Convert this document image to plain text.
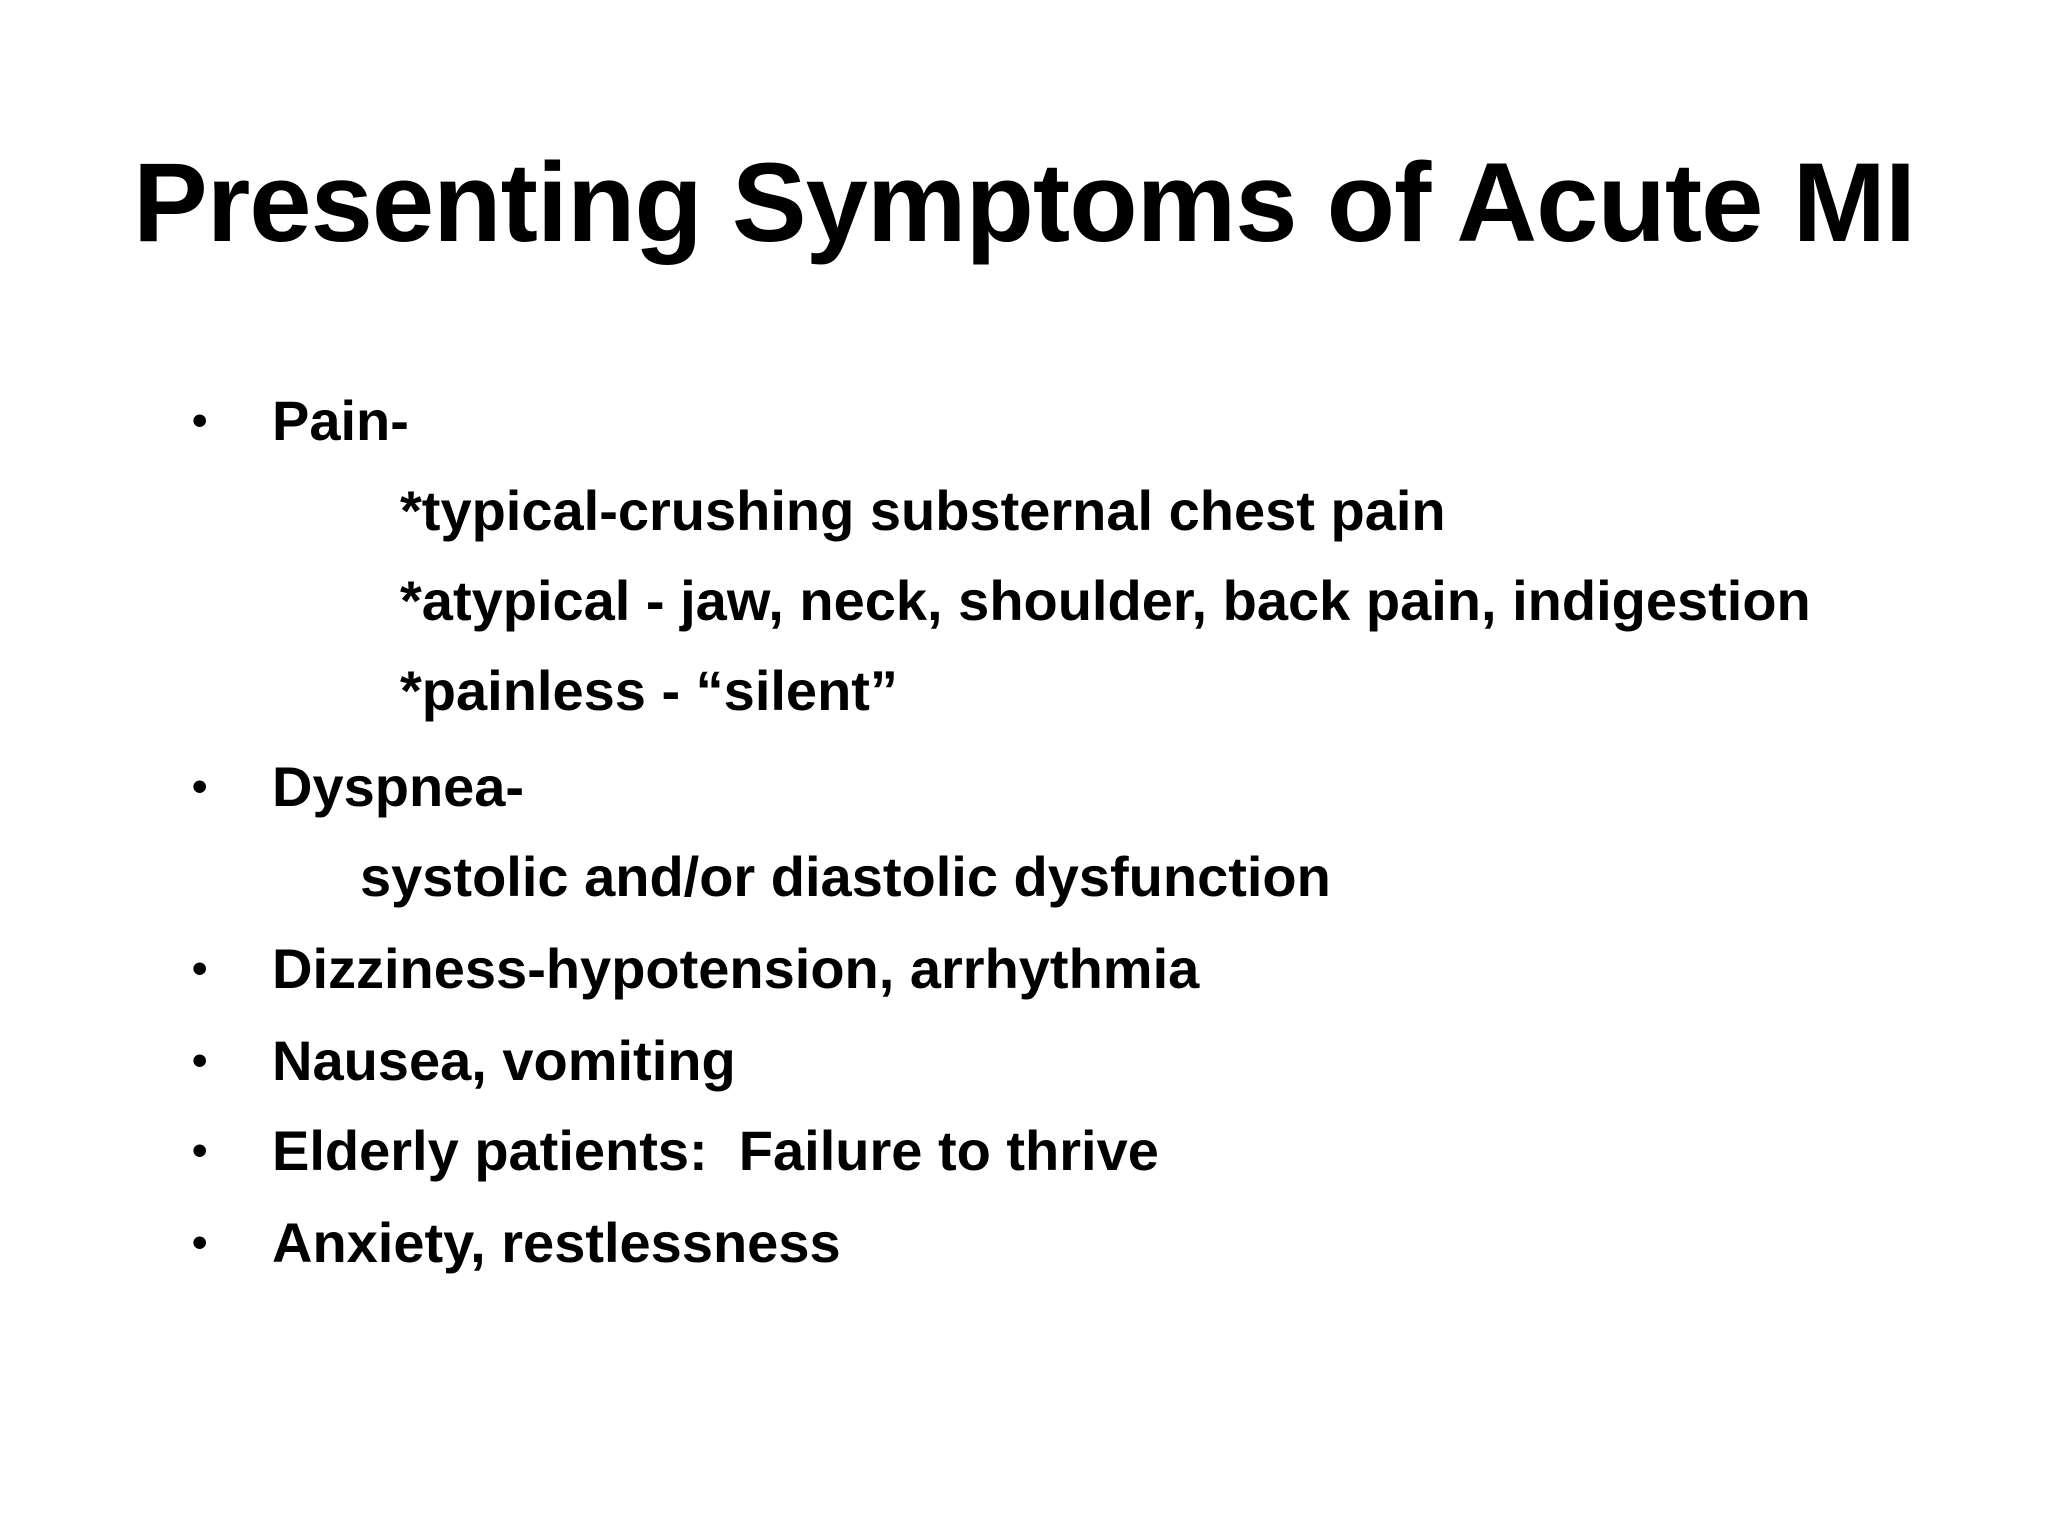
Presenting Symptoms of Acute MI
• Pain-
*typical-crushing substernal chest pain
*atypical - jaw, neck, shoulder, back pain, indigestion
*painless - “silent”
• Dyspnea-
systolic and/or diastolic dysfunction
• Dizziness-hypotension, arrhythmia
• Nausea, vomiting
• Elderly patients:  Failure to thrive
• Anxiety, restlessness
